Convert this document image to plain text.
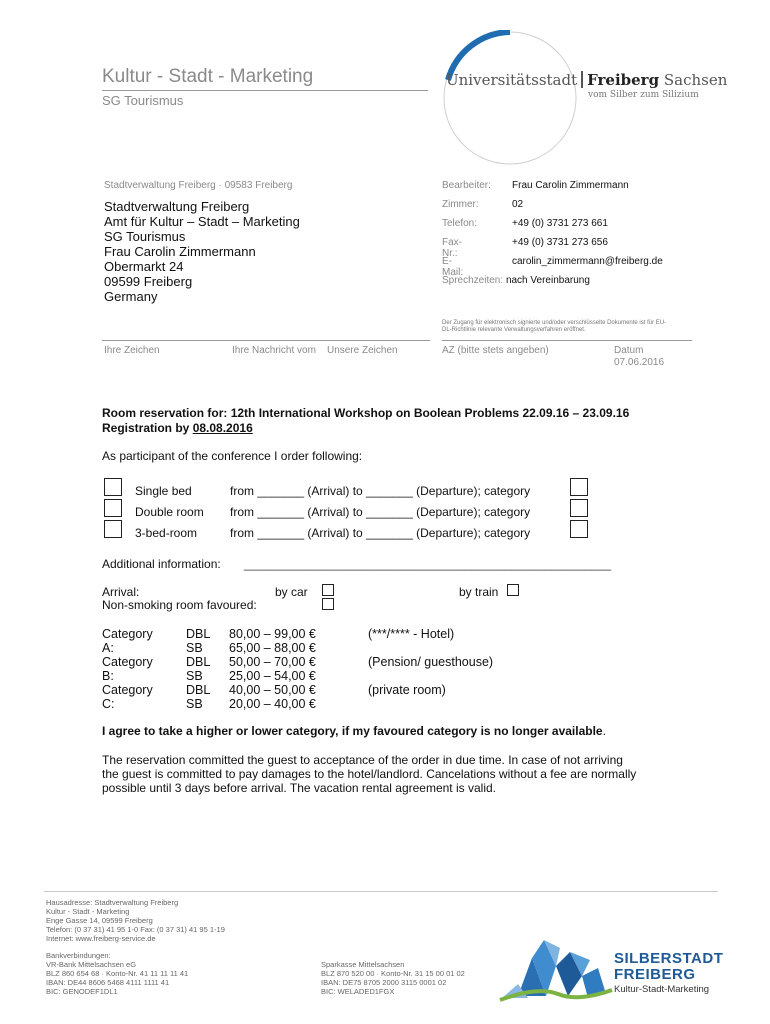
Kultur - Stadt - Marketing
SG Tourismus
Universitätsstadt Freiberg Sachsen
vom Silber zum Silizium
Stadtverwaltung Freiberg · 09583 Freiberg
Stadtverwaltung Freiberg
Amt für Kultur – Stadt – Marketing
SG Tourismus
Frau Carolin Zimmermann
Obermarkt 24
09599 Freiberg
Germany
Bearbeiter: Frau Carolin Zimmermann
Zimmer:	02
Telefon:	+49 (0) 3731 273 661
Fax-Nr.:
+49 (0) 3731 273 656
E-Mail:
carolin_zimmermann@freiberg.de
Sprechzeiten: nach Vereinbarung
Der Zugang für elektronisch signierte und/oder verschlüsselte Dokumente ist für EU-
DL-Richtlinie relevante Verwaltungsverfahren eröffnet.
Ihre Zeichen	Ihre Nachricht vom Unsere Zeichen	AZ (bitte stets angeben)	Datum
07.06.2016
Room reservation for: 12th International Workshop on Boolean Problems 22.09.16 – 23.09.16
Registration by 08.08.2016
As participant of the conference I order following:
Single bed	from _______ (Arrival) to _______ (Departure); category
Double room from _______ (Arrival) to _______ (Departure); category
3-bed-room	from _______ (Arrival) to _______ (Departure); category
Additional information: _______________________________________________________
Arrival:	by car	by train
Non-smoking room favoured:
Category A:
DBL 80,00 – 99,00 €	(***/**** - Hotel)
SB 65,00 – 88,00 €
Category B:
DBL 50,00 – 70,00 €	(Pension/ guesthouse)
SB 25,00 – 54,00 €
Category C:
DBL 40,00 – 50,00 €	(private room)
SB 20,00 – 40,00 €
I agree to take a higher or lower category, if my favoured category is no longer available.
The reservation committed the guest to acceptance of the order in due time. In case of not arriving
the guest is committed to pay damages to the hotel/landlord. Cancelations without a fee are normally
possible until 3 days before arrival. The vacation rental agreement is valid.
Hausadresse: Stadtverwaltung Freiberg
Kultur - Stadt - Marketing
Enge Gasse 14, 09599 Freiberg
Telefon: (0 37 31) 41 95 1-0 Fax: (0 37 31) 41 95 1-19
Internet: www.freiberg-service.de
Bankverbindungen:
VR-Bank Mittelsachsen eG
BLZ 860 654 68 · Konto-Nr. 41 11 11 11 41
IBAN: DE44 8606 5468 4111 1111 41
BIC: GENODEF1DL1
Sparkasse Mittelsachsen
BLZ 870 520 00 · Konto-Nr. 31 15 00 01 02
IBAN: DE75 8705 2000 3115 0001 02
BIC: WELADED1FGX
SILBERSTADT
FREIBERG
Kultur-Stadt-Marketing
